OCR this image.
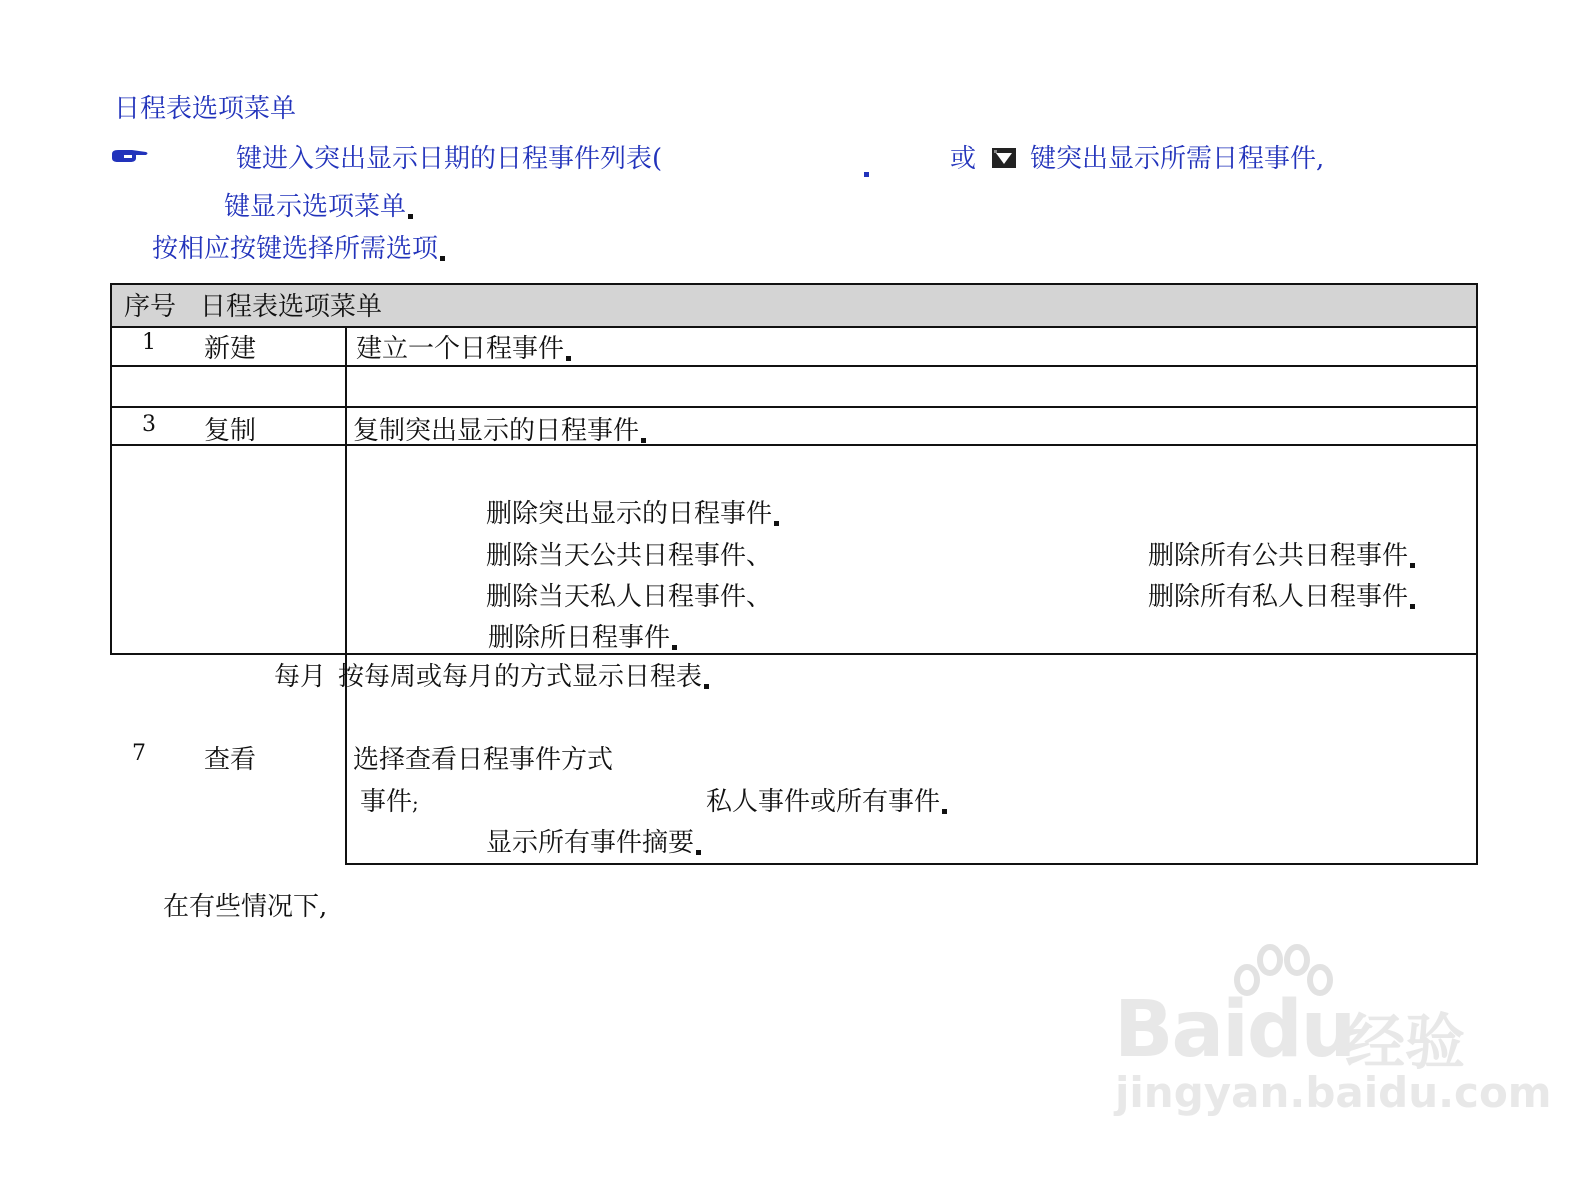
日程表选项菜单
键进入突出显示日期的日程事件列表(	或 键突出显示所需日程事件,
键显示选项菜单
按相应按键选择所需选项
序号 日程表选项菜单
1 新建	建立一个日程事件
3 复制	复制突出显示的日程事件
删除突出显示的日程事件
删除当天公共日程事件、	删除所有公共日程事件
删除当天私人日程事件、	删除所有私人日程事件
删除所日程事件
每月 按每周或每月的方式显示日程表
7 查看	选择查看日程事件方式
事件;	私人事件或所有事件
显示所有事件摘要
在有些情况下,
Baidu
经验
jingyan.baidu.com
